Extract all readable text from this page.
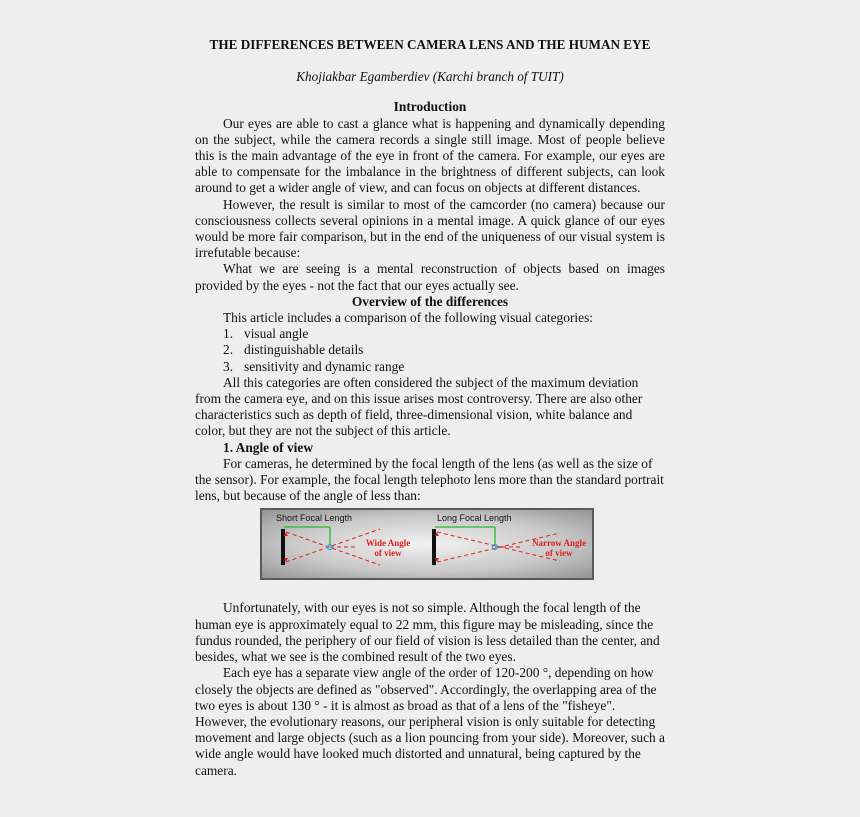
THE DIFFERENCES BETWEEN CAMERA LENS AND THE HUMAN EYE
Khojiakbar Egamberdiev (Karchi branch of TUIT)
Introduction

Our eyes are able to cast a glance what is happening and dynamically depending on the subject, while the camera records a single still image. Most of people believe this is the main advantage of the eye in front of the camera. For example, our eyes are able to compensate for the imbalance in the brightness of different subjects, can look around to get a wider angle of view, and can focus on objects at different distances.

However, the result is similar to most of the camcorder (no camera) because our consciousness collects several opinions in a mental image. A quick glance of our eyes would be more fair comparison, but in the end of the uniqueness of our visual system is irrefutable because:

What we are seeing is a mental reconstruction of objects based on images provided by the eyes - not the fact that our eyes actually see.

Overview of the differences

This article includes a comparison of the following visual categories:

1. visual angle
2. distinguishable details
3. sensitivity and dynamic range

All this categories are often considered the subject of the maximum deviation from the camera eye, and on this issue arises most controversy. There are also other characteristics such as depth of field, three-dimensional vision, white balance and color, but they are not the subject of this article.

1. Angle of view

For cameras, he determined by the focal length of the lens (as well as the size of the sensor). For example, the focal length telephoto lens more than the standard portrait lens, but because of the angle of less than:

Short Focal Length
Wide Angle
of view
Long Focal Length
Narrow Angle
of view

Unfortunately, with our eyes is not so simple. Although the focal length of the human eye is approximately equal to 22 mm, this figure may be misleading, since the fundus rounded, the periphery of our field of vision is less detailed than the center, and besides, what we see is the combined result of the two eyes.

Each eye has a separate view angle of the order of 120-200 °, depending on how closely the objects are defined as "observed". Accordingly, the overlapping area of the two eyes is about 130 ° - it is almost as broad as that of a lens of the "fisheye". However, the evolutionary reasons, our peripheral vision is only suitable for detecting movement and large objects (such as a lion pouncing from your side). Moreover, such a wide angle would have looked much distorted and unnatural, being captured by the camera.
